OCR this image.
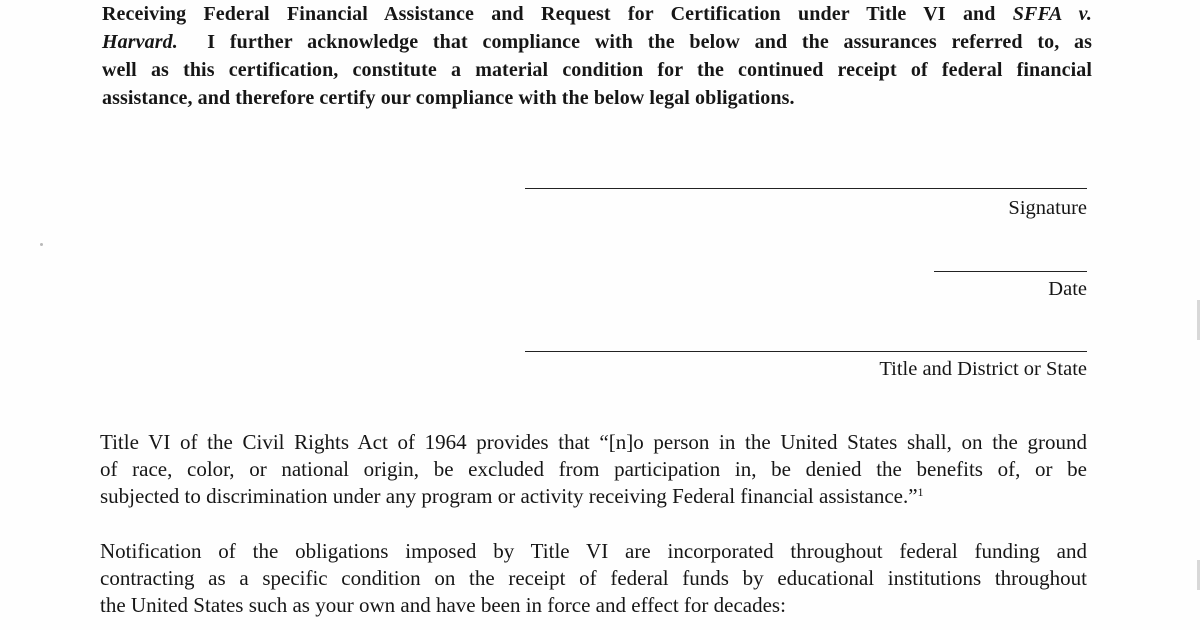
Receiving Federal Financial Assistance and Request for Certification under Title VI and SFFA v.
Harvard. I further acknowledge that compliance with the below and the assurances referred to, as
well as this certification, constitute a material condition for the continued receipt of federal financial
assistance, and therefore certify our compliance with the below legal obligations.
Signature
Date
Title and District or State
Title VI of the Civil Rights Act of 1964 provides that “[n]o person in the United States shall, on the ground
of race, color, or national origin, be excluded from participation in, be denied the benefits of, or be
subjected to discrimination under any program or activity receiving Federal financial assistance.”$^1$
Notification of the obligations imposed by Title VI are incorporated throughout federal funding and
contracting as a specific condition on the receipt of federal funds by educational institutions throughout
the United States such as your own and have been in force and effect for decades:
